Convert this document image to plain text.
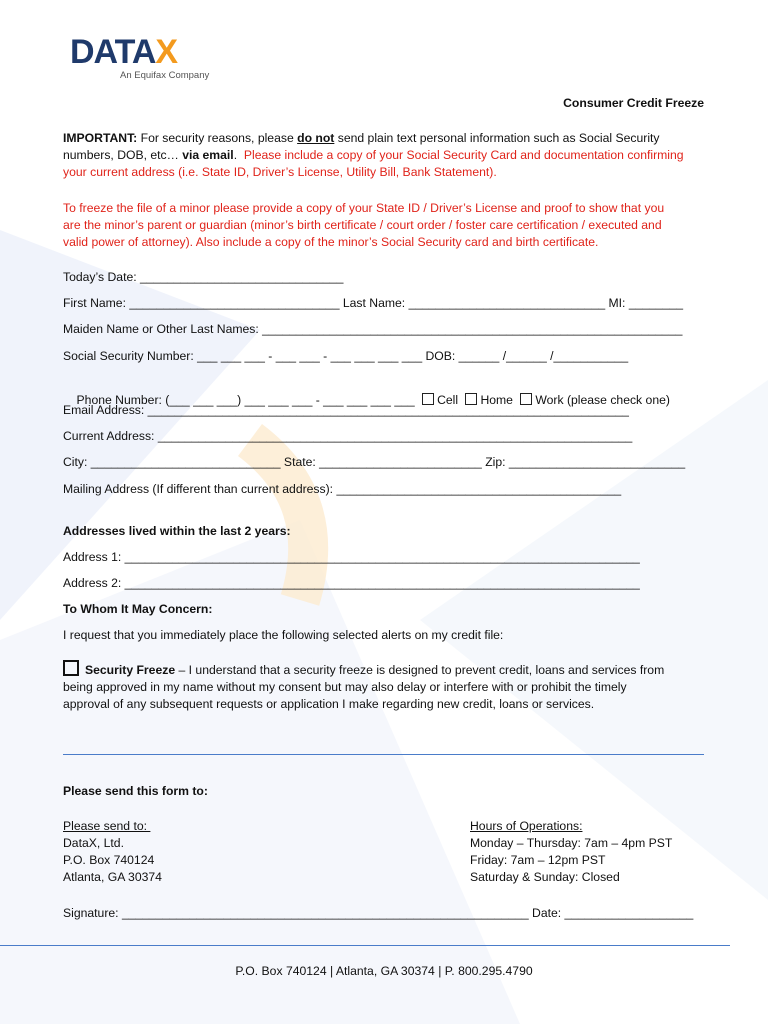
DATAX
An Equifax Company
Consumer Credit Freeze
IMPORTANT: For security reasons, please do not send plain text personal information such as Social Security
numbers, DOB, etc… via email. Please include a copy of your Social Security Card and documentation confirming
your current address (i.e. State ID, Driver’s License, Utility Bill, Bank Statement).
To freeze the file of a minor please provide a copy of your State ID / Driver’s License and proof to show that you
are the minor’s parent or guardian (minor’s birth certificate / court order / foster care certification / executed and
valid power of attorney). Also include a copy of the minor’s Social Security card and birth certificate.
Today’s Date: ______________________________
First Name: _______________________________ Last Name: _____________________________ MI: ________
Maiden Name or Other Last Names: ______________________________________________________________
Social Security Number: ___ ___ ___ - ___ ___ - ___ ___ ___ ___ DOB: ______ /______ /___________

Phone Number: (___ ___ ___) ___ ___ ___ - ___ ___ ___ ___ Cell Home Work (please check one)

Email Address: _______________________________________________________________________
Current Address: ______________________________________________________________________
City: ____________________________ State: ________________________ Zip: __________________________
Mailing Address (If different than current address): __________________________________________
Addresses lived within the last 2 years:
Address 1: ____________________________________________________________________________
Address 2: ____________________________________________________________________________
To Whom It May Concern:
I request that you immediately place the following selected alerts on my credit file:
Security Freeze – I understand that a security freeze is designed to prevent credit, loans and services from
being approved in my name without my consent but may also delay or interfere with or prohibit the timely
approval of any subsequent requests or application I make regarding new credit, loans or services.
Please send this form to:
Please send to:
DataX, Ltd.
P.O. Box 740124
Atlanta, GA 30374
Hours of Operations:
Monday – Thursday: 7am – 4pm PST
Friday: 7am – 12pm PST
Saturday & Sunday: Closed
Signature: ____________________________________________________________ Date: ___________________
P.O. Box 740124 | Atlanta, GA 30374 | P. 800.295.4790
